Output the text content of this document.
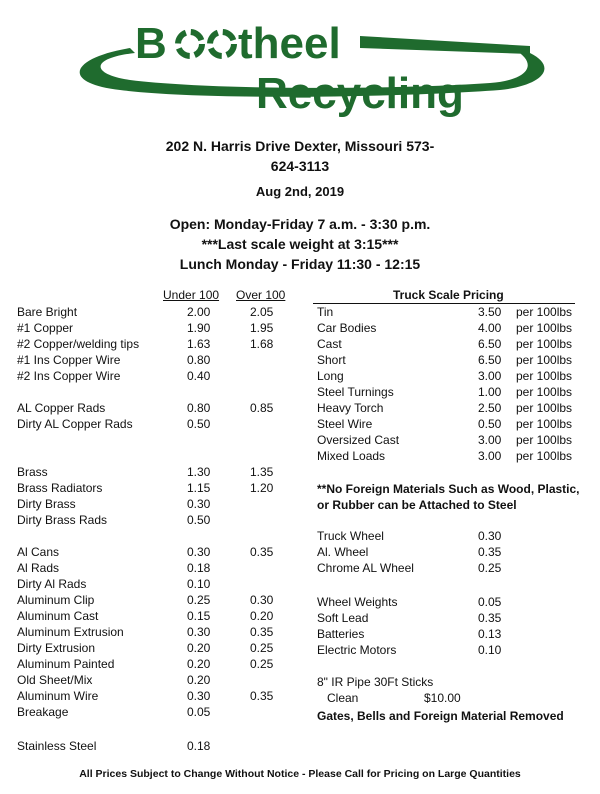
B theel
Recycling
202 N. Harris Drive Dexter, Missouri 573-
624-3113
Aug 2nd, 2019
Open: Monday-Friday 7 a.m. - 3:30 p.m.
***Last scale weight at 3:15***
Lunch Monday - Friday 11:30 - 12:15
Under 100 Over 100	Truck Scale Pricing
Bare Bright	2.00	2.05
#1 Copper	1.90	1.95
#2 Copper/welding tips	1.63	1.68
#1 Ins Copper Wire	0.80
#2 Ins Copper Wire	0.40
AL Copper Rads	0.80	0.85
Dirty AL Copper Rads	0.50
Brass	1.30	1.35
Brass Radiators	1.15	1.20
Dirty Brass	0.30
Dirty Brass Rads	0.50
Al Cans	0.30	0.35
Al Rads	0.18
Dirty Al Rads	0.10
Aluminum Clip	0.25	0.30
Aluminum Cast	0.15	0.20
Aluminum Extrusion	0.30	0.35
Dirty Extrusion	0.20	0.25
Aluminum Painted	0.20	0.25
Old Sheet/Mix	0.20
Aluminum Wire	0.30	0.35
Breakage	0.05
Stainless Steel	0.18
Tin	3.50 per 100lbs
Car Bodies	4.00 per 100lbs
Cast	6.50 per 100lbs
Short	6.50 per 100lbs
Long	3.00 per 100lbs
Steel Turnings	1.00 per 100lbs
Heavy Torch	2.50 per 100lbs
Steel Wire	0.50 per 100lbs
Oversized Cast	3.00 per 100lbs
Mixed Loads	3.00 per 100lbs
**No Foreign Materials Such as Wood, Plastic,
or Rubber can be Attached to Steel
Truck Wheel	0.30
Al. Wheel	0.35
Chrome AL Wheel	0.25
Wheel Weights	0.05
Soft Lead	0.35
Batteries	0.13
Electric Motors	0.10
8" IR Pipe 30Ft Sticks
Clean	$10.00
Gates, Bells and Foreign Material Removed
All Prices Subject to Change Without Notice - Please Call for Pricing on Large Quantities
